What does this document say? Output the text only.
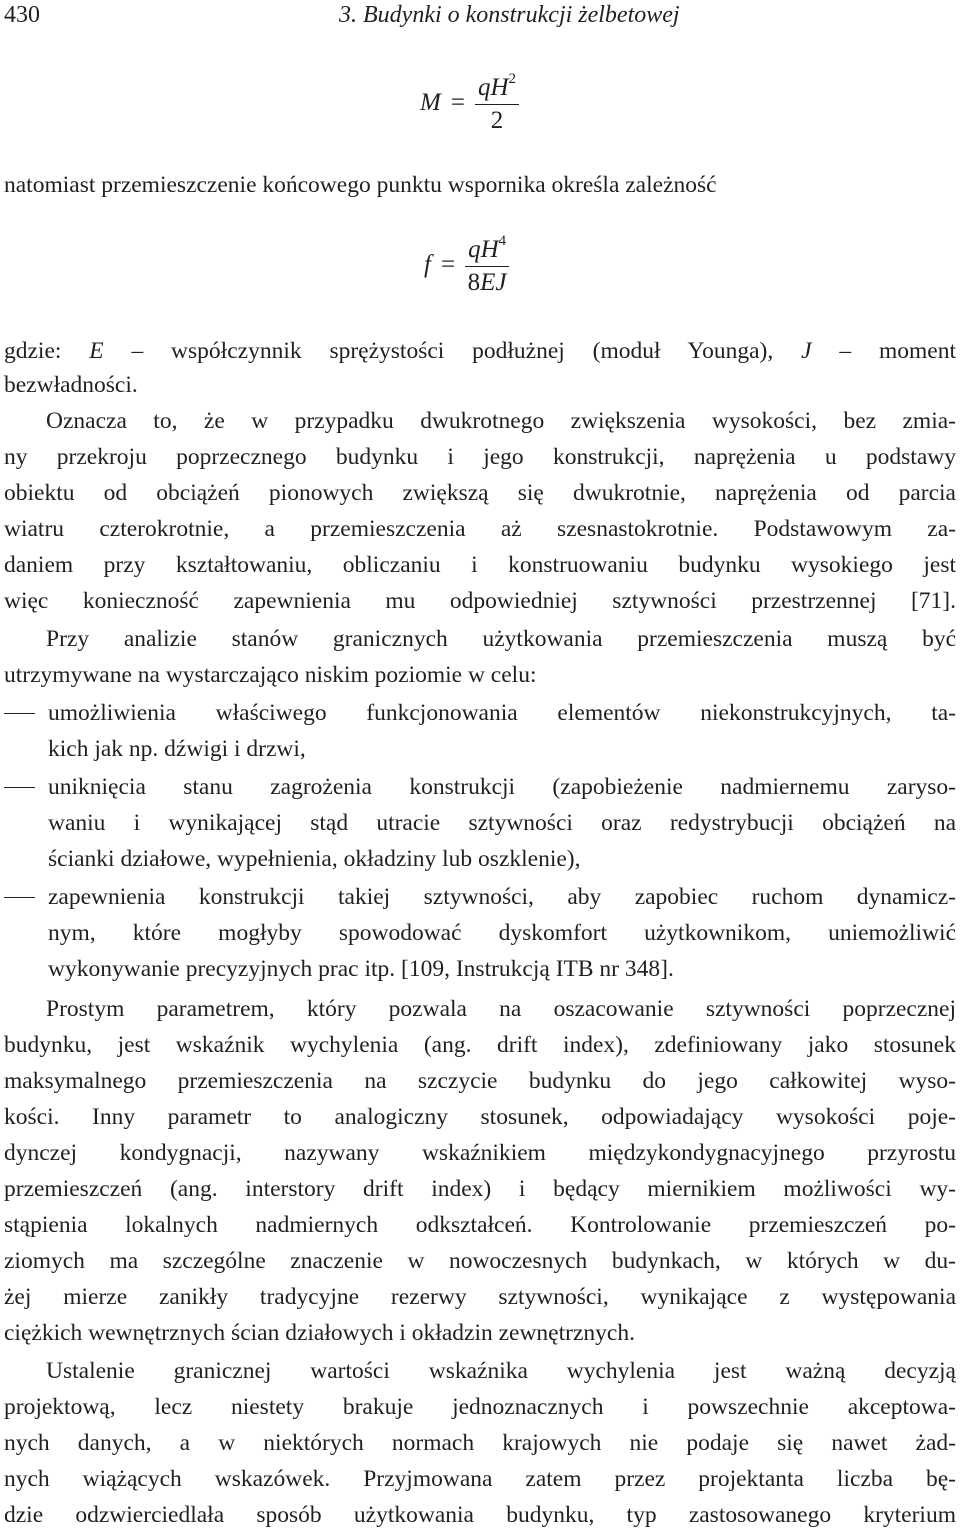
430	3. Budynki o konstrukcji żelbetowej
$M = \frac{qH^2}{2}$
natomiast przemieszczenie końcowego punktu wspornika określa zależność
$f = \frac{qH^4}{8EJ}$
gdzie: E – współczynnik sprężystości podłużnej (moduł Younga), J – moment
bezwładności.
Oznacza to, że w przypadku dwukrotnego zwiększenia wysokości, bez zmia-
ny przekroju poprzecznego budynku i jego konstrukcji, naprężenia u podstawy
obiektu od obciążeń pionowych zwiększą się dwukrotnie, naprężenia od parcia
wiatru czterokrotnie, a przemieszczenia aż szesnastokrotnie. Podstawowym za-
daniem przy kształtowaniu, obliczaniu i konstruowaniu budynku wysokiego jest
więc konieczność zapewnienia mu odpowiedniej sztywności przestrzennej [71].
Przy analizie stanów granicznych użytkowania przemieszczenia muszą być
utrzymywane na wystarczająco niskim poziomie w celu:
umożliwienia właściwego funkcjonowania elementów niekonstrukcyjnych, ta-
kich jak np. dźwigi i drzwi,
uniknięcia stanu zagrożenia konstrukcji (zapobieżenie nadmiernemu zaryso-
waniu i wynikającej stąd utracie sztywności oraz redystrybucji obciążeń na
ścianki działowe, wypełnienia, okładziny lub oszklenie),
zapewnienia konstrukcji takiej sztywności, aby zapobiec ruchom dynamicz-
nym, które mogłyby spowodować dyskomfort użytkownikom, uniemożliwić
wykonywanie precyzyjnych prac itp. [109, Instrukcją ITB nr 348].
Prostym parametrem, który pozwala na oszacowanie sztywności poprzecznej
budynku, jest wskaźnik wychylenia (ang. drift index), zdefiniowany jako stosunek
maksymalnego przemieszczenia na szczycie budynku do jego całkowitej wyso-
kości. Inny parametr to analogiczny stosunek, odpowiadający wysokości poje-
dynczej kondygnacji, nazywany wskaźnikiem międzykondygnacyjnego przyrostu
przemieszczeń (ang. interstory drift index) i będący miernikiem możliwości wy-
stąpienia lokalnych nadmiernych odkształceń. Kontrolowanie przemieszczeń po-
ziomych ma szczególne znaczenie w nowoczesnych budynkach, w których w du-
żej mierze zanikły tradycyjne rezerwy sztywności, wynikające z występowania
ciężkich wewnętrznych ścian działowych i okładzin zewnętrznych.
Ustalenie granicznej wartości wskaźnika wychylenia jest ważną decyzją
projektową, lecz niestety brakuje jednoznacznych i powszechnie akceptowa-
nych danych, a w niektórych normach krajowych nie podaje się nawet żad-
nych wiążących wskazówek. Przyjmowana zatem przez projektanta liczba bę-
dzie odzwierciedlała sposób użytkowania budynku, typ zastosowanego kryterium
